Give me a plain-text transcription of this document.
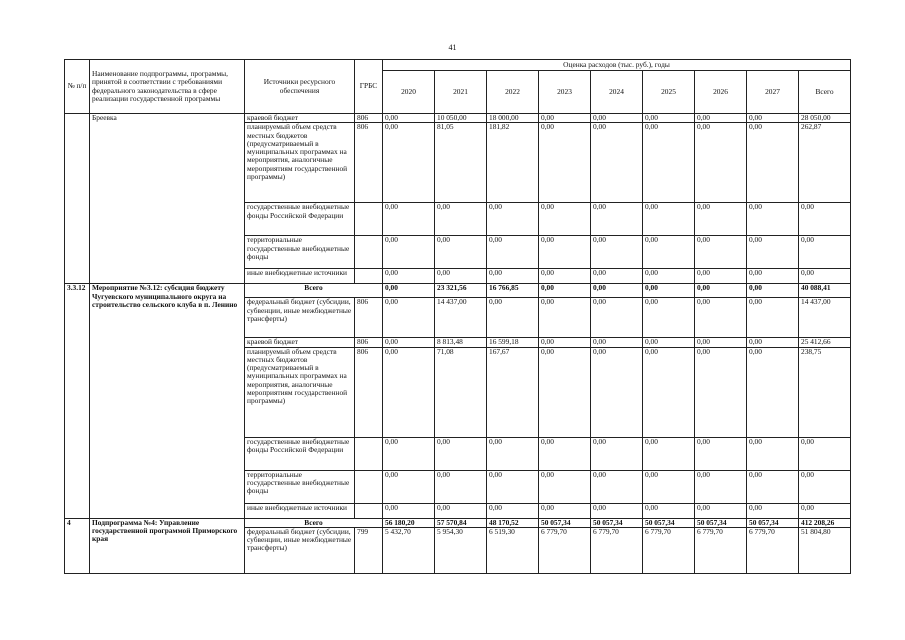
41
№ п/п	Наименование подпрограммы, программы, принятой в соответствии с требованиями федерального законодательства в сфере реализации государственной программы	Источники ресурсного обеспечения	ГРБС	Оценка расходов (тыс. руб.), годы								
				2020	2021	2022	2023	2024	2025	2026	2027	Всего
	Бреевка	краевой бюджет	806	0,00	10 050,00	18 000,00	0,00	0,00	0,00	0,00	0,00	28 050,00
		планируемый объем средств местных бюджетов (предусматриваемый в муниципальных программах на мероприятия, аналогичные мероприятиям государственной программы)	806	0,00	81,05	181,82	0,00	0,00	0,00	0,00	0,00	262,87
		государственные внебюджетные фонды Российской Федерации		0,00	0,00	0,00	0,00	0,00	0,00	0,00	0,00	0,00
		территориальные государственные внебюджетные фонды		0,00	0,00	0,00	0,00	0,00	0,00	0,00	0,00	0,00
		иные внебюджетные источники		0,00	0,00	0,00	0,00	0,00	0,00	0,00	0,00	0,00
3.3.12	Мероприятие №3.12: субсидия бюджету Чугуевского муниципального округа на строительство сельского клуба в п. Ленино	Всего		0,00	23 321,56	16 766,85	0,00	0,00	0,00	0,00	0,00	40 088,41
		федеральный бюджет (субсидии, субвенции, иные межбюджетные трансферты)	806	0,00	14 437,00	0,00	0,00	0,00	0,00	0,00	0,00	14 437,00
		краевой бюджет	806	0,00	8 813,48	16 599,18	0,00	0,00	0,00	0,00	0,00	25 412,66
		планируемый объем средств местных бюджетов (предусматриваемый в муниципальных программах на мероприятия, аналогичные мероприятиям государственной программы)	806	0,00	71,08	167,67	0,00	0,00	0,00	0,00	0,00	238,75
		государственные внебюджетные фонды Российской Федерации		0,00	0,00	0,00	0,00	0,00	0,00	0,00	0,00	0,00
		территориальные государственные внебюджетные фонды		0,00	0,00	0,00	0,00	0,00	0,00	0,00	0,00	0,00
		иные внебюджетные источники		0,00	0,00	0,00	0,00	0,00	0,00	0,00	0,00	0,00
4	Подпрограмма №4: Управление государственной программой Приморского края	Всего		56 180,20	57 570,84	48 170,52	50 057,34	50 057,34	50 057,34	50 057,34	50 057,34	412 208,26
		федеральный бюджет (субсидии, субвенции, иные межбюджетные трансферты)	799	5 432,70	5 954,30	6 519,30	6 779,70	6 779,70	6 779,70	6 779,70	6 779,70	51 804,80
